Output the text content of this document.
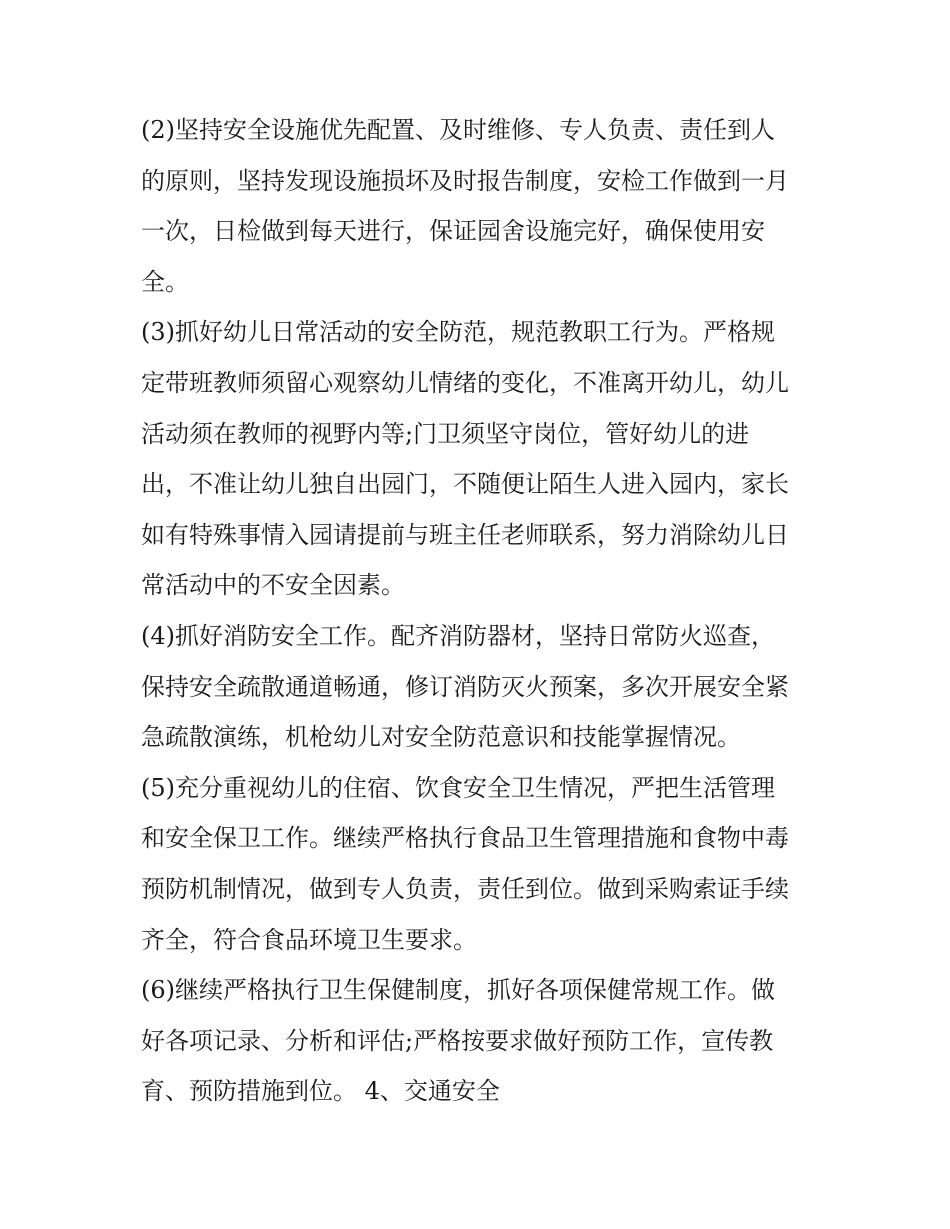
(2)坚持安全设施优先配置、及时维修、专人负责、责任到人
的原则，坚持发现设施损坏及时报告制度，安检工作做到一月
一次，日检做到每天进行，保证园舍设施完好，确保使用安
全。
(3)抓好幼儿日常活动的安全防范，规范教职工行为。严格规
定带班教师须留心观察幼儿情绪的变化，不准离开幼儿，幼儿
活动须在教师的视野内等;门卫须坚守岗位，管好幼儿的进
出，不准让幼儿独自出园门，不随便让陌生人进入园内，家长
如有特殊事情入园请提前与班主任老师联系，努力消除幼儿日
常活动中的不安全因素。
(4)抓好消防安全工作。配齐消防器材，坚持日常防火巡查，
保持安全疏散通道畅通，修订消防灭火预案，多次开展安全紧
急疏散演练，机枪幼儿对安全防范意识和技能掌握情况。
(5)充分重视幼儿的住宿、饮食安全卫生情况，严把生活管理
和安全保卫工作。继续严格执行食品卫生管理措施和食物中毒
预防机制情况，做到专人负责，责任到位。做到采购索证手续
齐全，符合食品环境卫生要求。
(6)继续严格执行卫生保健制度，抓好各项保健常规工作。做
好各项记录、分析和评估;严格按要求做好预防工作，宣传教
育、预防措施到位。 4、交通安全
